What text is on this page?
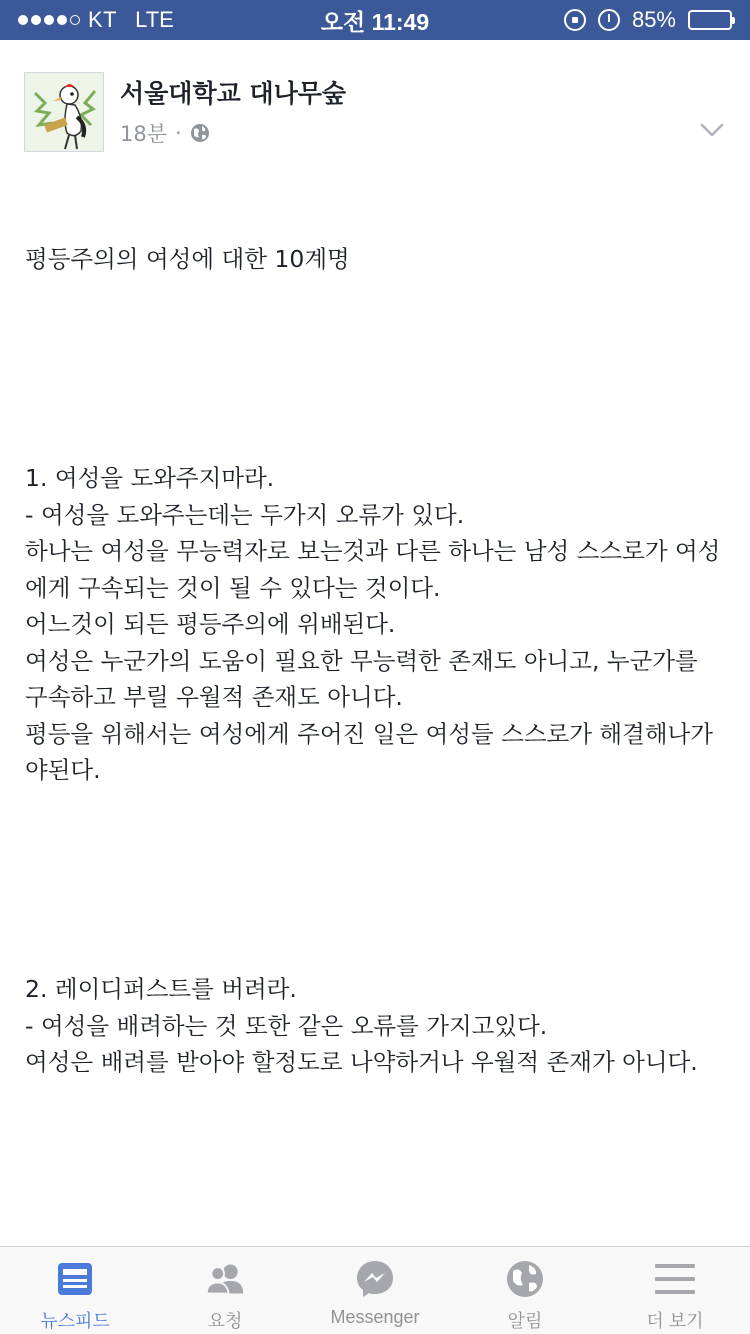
KT LTE	오전 11:49	85%
서울대학교 대나무숲
18분 ·

평등주의의 여성에 대한 10계명

1. 여성을 도와주지마라.
- 여성을 도와주는데는 두가지 오류가 있다.
하나는 여성을 무능력자로 보는것과 다른 하나는 남성 스스로가 여성에게 구속되는 것이 될 수 있다는 것이다.
어느것이 되든 평등주의에 위배된다.
여성은 누군가의 도움이 필요한 무능력한 존재도 아니고, 누군가를 구속하고 부릴 우월적 존재도 아니다.
평등을 위해서는 여성에게 주어진 일은 여성들 스스로가 해결해나가야된다.

2. 레이디퍼스트를 버려라.
- 여성을 배려하는 것 또한 같은 오류를 가지고있다.
여성은 배려를 받아야 할정도로 나약하거나 우월적 존재가 아니다.

뉴스피드	요청	Messenger	알림	더 보기
